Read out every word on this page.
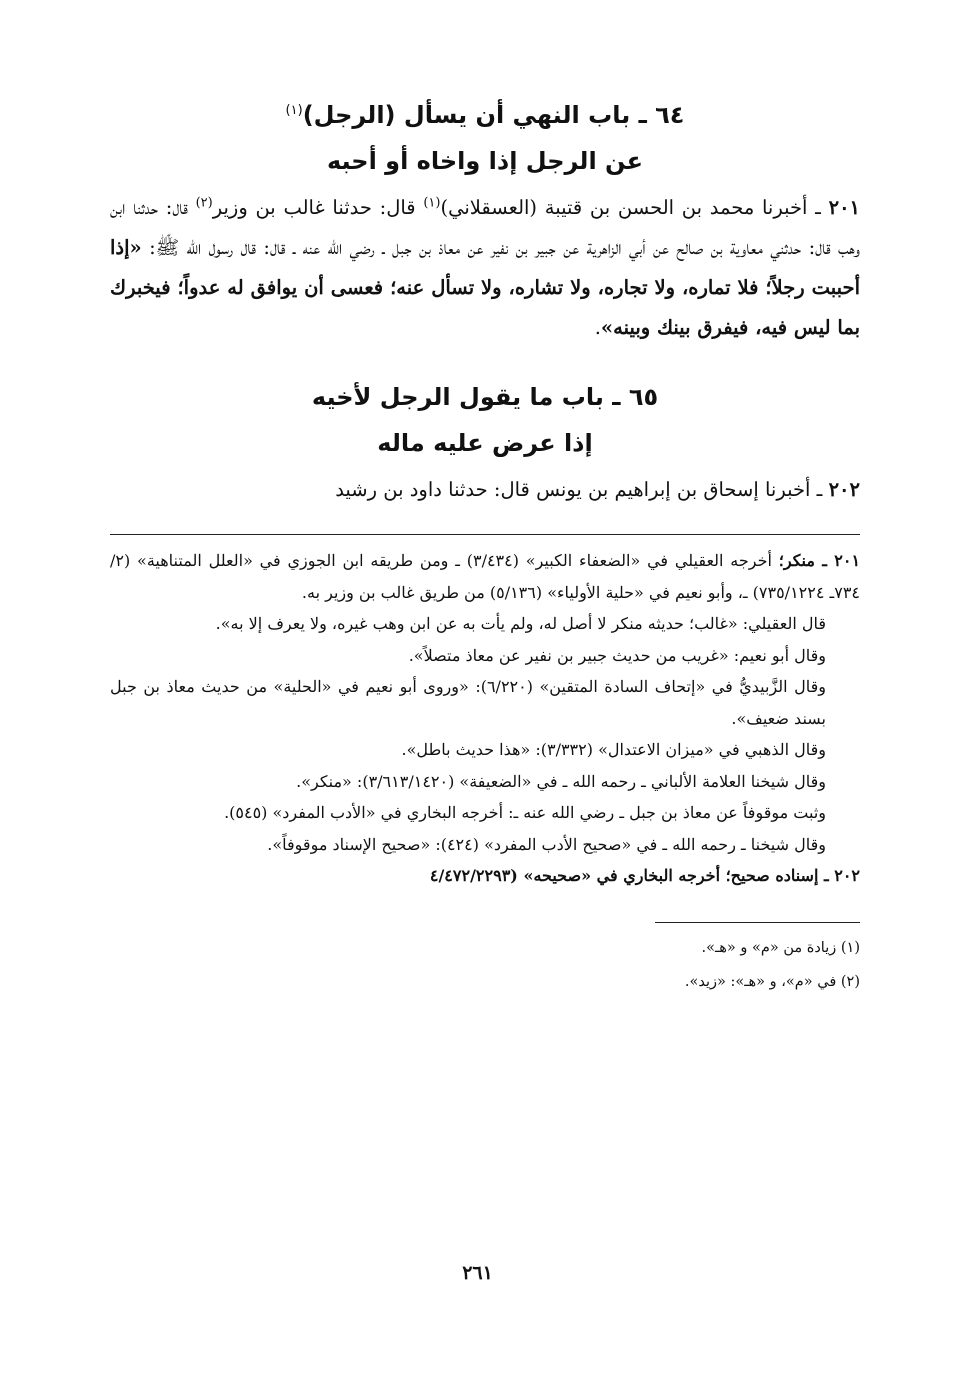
٦٤ ـ باب النهي أن يسأل (الرجل)$^{(١)}$
عن الرجل إذا واخاه أو أحبه
٢٠١ ـ أخبرنا محمد بن الحسن بن قتيبة (العسقلاني)$^{(١)}$ قال: حدثنا غالب بن وزير$^{(٢)}$ قال: حدثنا ابن وهب قال: حدثني معاوية بن صالح عن أبي الزاهرية عن جبير بن نفير عن معاذ بن جبل ـ رضي الله عنه ـ قال: قال رسول الله ﷺ: «إذا أحببت رجلاً؛ فلا تماره، ولا تجاره، ولا تشاره، ولا تسأل عنه؛ فعسى أن يوافق له عدواً؛ فيخبرك بما ليس فيه، فيفرق بينك وبينه».
٦٥ ـ باب ما يقول الرجل لأخيه
إذا عرض عليه ماله
٢٠٢ ـ أخبرنا إسحاق بن إبراهيم بن يونس قال: حدثنا داود بن رشيد

٢٠١ ـ منكر؛ أخرجه العقيلي في «الضعفاء الكبير» (٣/٤٣٤) ـ ومن طريقه ابن الجوزي في «العلل المتناهية» (٢/ ٧٣٤ـ ٧٣٥/١٢٢٤) ـ، وأبو نعيم في «حلية الأولياء» (٥/١٣٦) من طريق غالب بن وزير به.

قال العقيلي: «غالب؛ حديثه منكر لا أصل له، ولم يأت به عن ابن وهب غيره، ولا يعرف إلا به».

وقال أبو نعيم: «غريب من حديث جبير بن نفير عن معاذ متصلاً».

وقال الزَّبيديُّ في «إتحاف السادة المتقين» (٦/٢٢٠): «وروى أبو نعيم في «الحلية» من حديث معاذ بن جبل بسند ضعيف».

وقال الذهبي في «ميزان الاعتدال» (٣/٣٣٢): «هذا حديث باطل».

وقال شيخنا العلامة الألباني ـ رحمه الله ـ في «الضعيفة» (٣/٦١٣/١٤٢٠): «منكر».

وثبت موقوفاً عن معاذ بن جبل ـ رضي الله عنه ـ: أخرجه البخاري في «الأدب المفرد» (٥٤٥).

وقال شيخنا ـ رحمه الله ـ في «صحيح الأدب المفرد» (٤٢٤): «صحيح الإسناد موقوفاً».

٢٠٢ ـ إسناده صحيح؛ أخرجه البخاري في «صحيحه» (٤/٤٧٢/٢٢٩٣

(١) زيادة من «م» و «هـ».

(٢) في «م»، و «هـ»: «زيد».

٢٦١
